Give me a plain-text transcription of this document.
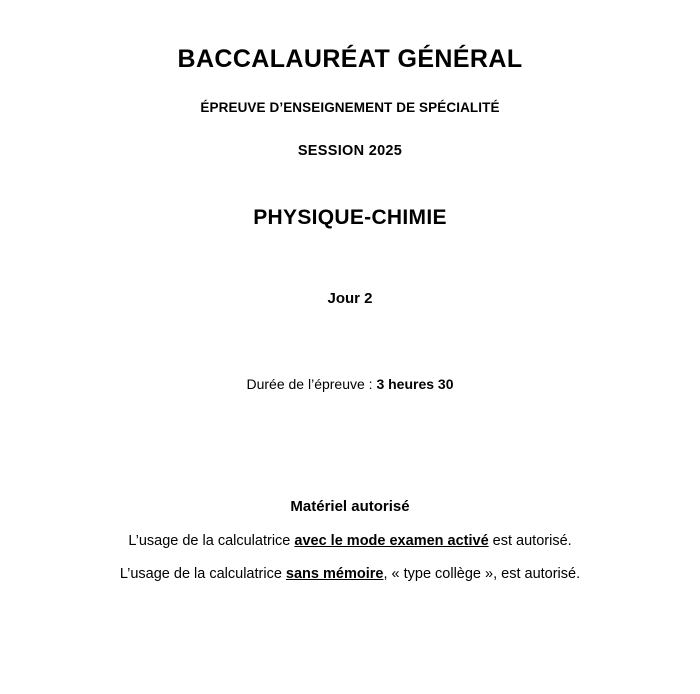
BACCALAURÉAT GÉNÉRAL
ÉPREUVE D’ENSEIGNEMENT DE SPÉCIALITÉ
SESSION 2025
PHYSIQUE-CHIMIE
Jour 2
Durée de l’épreuve : 3 heures 30
Matériel autorisé
L’usage de la calculatrice avec le mode examen activé est autorisé.
L’usage de la calculatrice sans mémoire, « type collège », est autorisé.
